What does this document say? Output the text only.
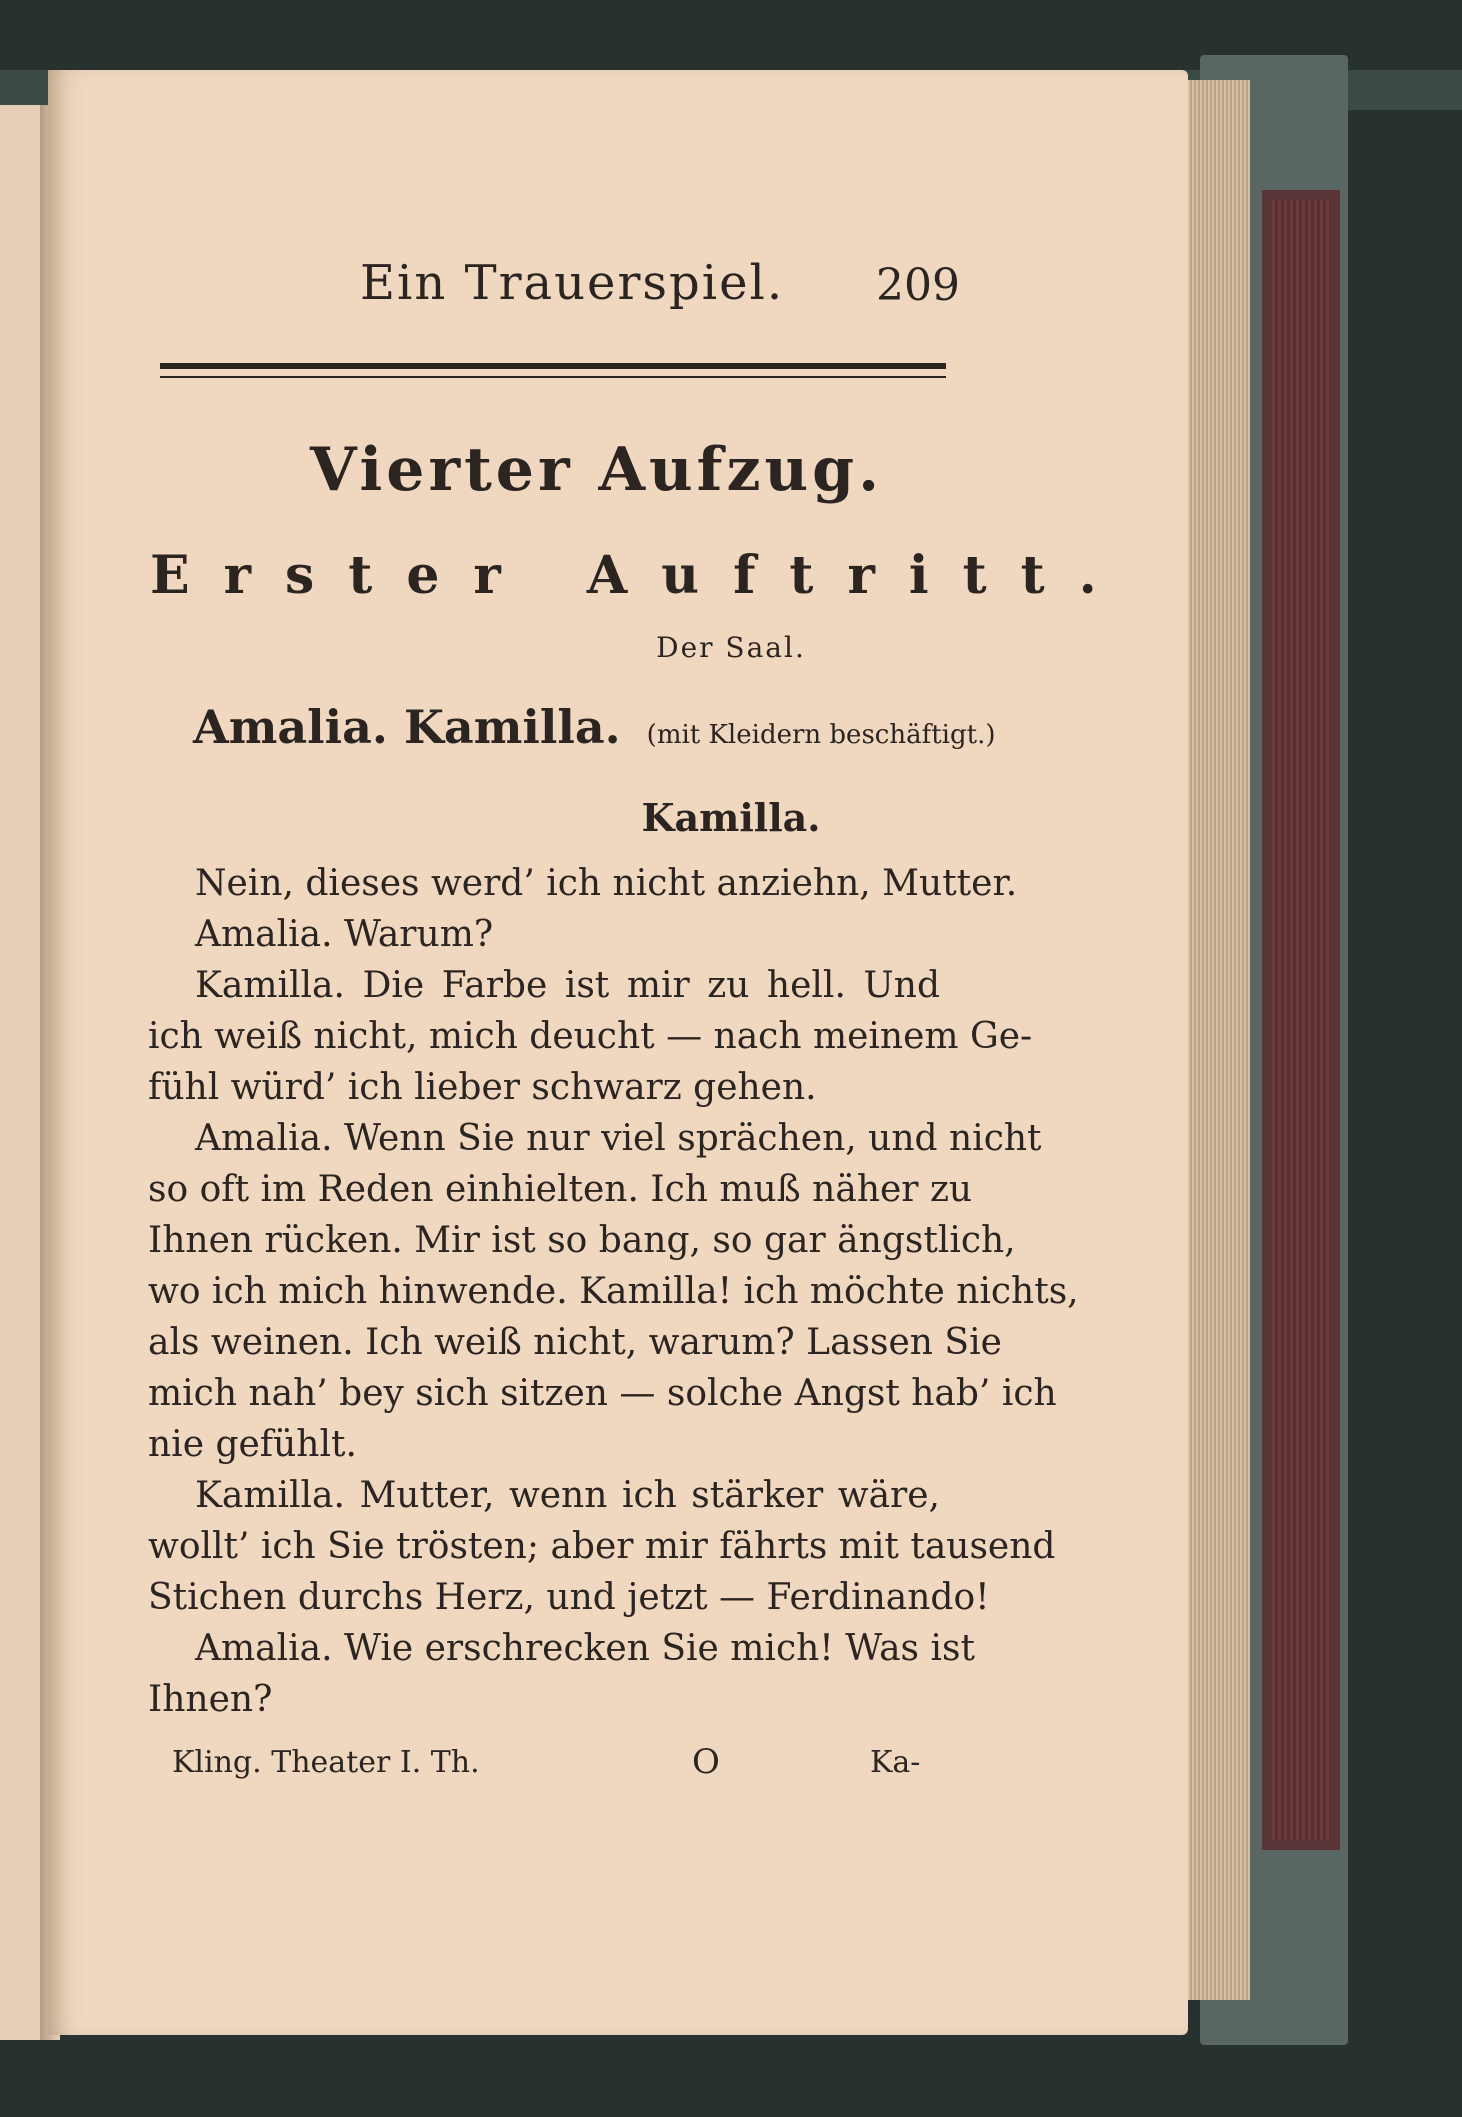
Ein Trauerspiel. 209
Vierter Aufzug.
Erster Auftritt.
Der Saal.
Amalia. Kamilla. (mit Kleidern beschäftigt.)
Kamilla.
Nein, dieses werd’ ich nicht anziehn, Mutter.
Amalia. Warum?
Kamilla. Die Farbe ist mir zu hell. Und
ich weiß nicht, mich deucht — nach meinem Ge-
fühl würd’ ich lieber schwarz gehen.
Amalia. Wenn Sie nur viel sprächen, und nicht
so oft im Reden einhielten. Ich muß näher zu
Ihnen rücken. Mir ist so bang, so gar ängstlich,
wo ich mich hinwende. Kamilla! ich möchte nichts,
als weinen. Ich weiß nicht, warum? Lassen Sie
mich nah’ bey sich sitzen — solche Angst hab’ ich
nie gefühlt.
Kamilla. Mutter, wenn ich stärker wäre,
wollt’ ich Sie trösten; aber mir fährts mit tausend
Stichen durchs Herz, und jetzt — Ferdinando!
Amalia. Wie erschrecken Sie mich! Was ist
Ihnen?
Kling. Theater I. Th.	O	Ka-
